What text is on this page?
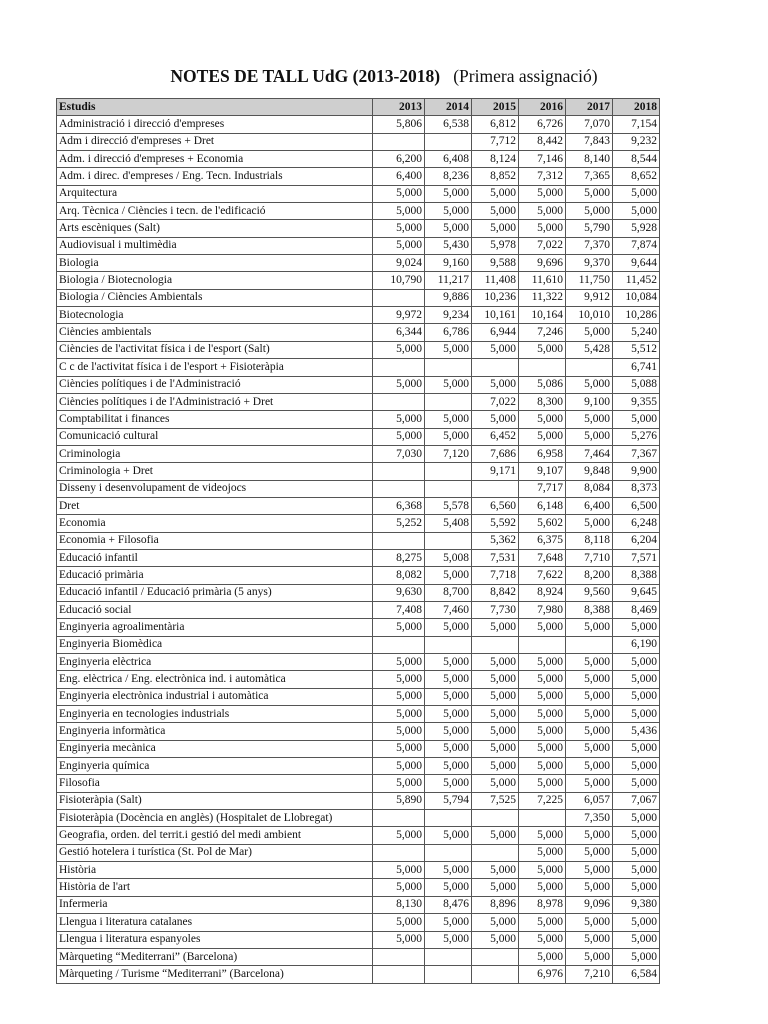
NOTES DE TALL UdG (2013-2018) (Primera assignació)
Estudis	2013	2014	2015	2016	2017	2018
Administració i direcció d'empreses	5,806	6,538	6,812	6,726	7,070	7,154
Adm i direcció d'empreses + Dret			7,712	8,442	7,843	9,232
Adm. i direcció d'empreses + Economia	6,200	6,408	8,124	7,146	8,140	8,544
Adm. i direc. d'empreses / Eng. Tecn. Industrials	6,400	8,236	8,852	7,312	7,365	8,652
Arquitectura	5,000	5,000	5,000	5,000	5,000	5,000
Arq. Tècnica / Ciències i tecn. de l'edificació	5,000	5,000	5,000	5,000	5,000	5,000
Arts escèniques (Salt)	5,000	5,000	5,000	5,000	5,790	5,928
Audiovisual i multimèdia	5,000	5,430	5,978	7,022	7,370	7,874
Biologia	9,024	9,160	9,588	9,696	9,370	9,644
Biologia / Biotecnologia	10,790	11,217	11,408	11,610	11,750	11,452
Biologia / Ciències Ambientals		9,886	10,236	11,322	9,912	10,084
Biotecnologia	9,972	9,234	10,161	10,164	10,010	10,286
Ciències ambientals	6,344	6,786	6,944	7,246	5,000	5,240
Ciències de l'activitat física i de l'esport (Salt)	5,000	5,000	5,000	5,000	5,428	5,512
C c de l'activitat física i de l'esport + Fisioteràpia						6,741
Ciències polítiques i de l'Administració	5,000	5,000	5,000	5,086	5,000	5,088
Ciències polítiques i de l'Administració + Dret			7,022	8,300	9,100	9,355
Comptabilitat i finances	5,000	5,000	5,000	5,000	5,000	5,000
Comunicació cultural	5,000	5,000	6,452	5,000	5,000	5,276
Criminologia	7,030	7,120	7,686	6,958	7,464	7,367
Criminologia + Dret			9,171	9,107	9,848	9,900
Disseny i desenvolupament de videojocs				7,717	8,084	8,373
Dret	6,368	5,578	6,560	6,148	6,400	6,500
Economia	5,252	5,408	5,592	5,602	5,000	6,248
Economia + Filosofia			5,362	6,375	8,118	6,204
Educació infantil	8,275	5,008	7,531	7,648	7,710	7,571
Educació primària	8,082	5,000	7,718	7,622	8,200	8,388
Educació infantil / Educació primària (5 anys)	9,630	8,700	8,842	8,924	9,560	9,645
Educació social	7,408	7,460	7,730	7,980	8,388	8,469
Enginyeria agroalimentària	5,000	5,000	5,000	5,000	5,000	5,000
Enginyeria Biomèdica						6,190
Enginyeria elèctrica	5,000	5,000	5,000	5,000	5,000	5,000
Eng. elèctrica / Eng. electrònica ind. i automàtica	5,000	5,000	5,000	5,000	5,000	5,000
Enginyeria electrònica industrial i automàtica	5,000	5,000	5,000	5,000	5,000	5,000
Enginyeria en tecnologies industrials	5,000	5,000	5,000	5,000	5,000	5,000
Enginyeria informàtica	5,000	5,000	5,000	5,000	5,000	5,436
Enginyeria mecànica	5,000	5,000	5,000	5,000	5,000	5,000
Enginyeria química	5,000	5,000	5,000	5,000	5,000	5,000
Filosofia	5,000	5,000	5,000	5,000	5,000	5,000
Fisioteràpia (Salt)	5,890	5,794	7,525	7,225	6,057	7,067
Fisioteràpia (Docència en anglès) (Hospitalet de Llobregat)					7,350	5,000
Geografia, orden. del territ.i gestió del medi ambient	5,000	5,000	5,000	5,000	5,000	5,000
Gestió hotelera i turística (St. Pol de Mar)				5,000	5,000	5,000
Història	5,000	5,000	5,000	5,000	5,000	5,000
Història de l'art	5,000	5,000	5,000	5,000	5,000	5,000
Infermeria	8,130	8,476	8,896	8,978	9,096	9,380
Llengua i literatura catalanes	5,000	5,000	5,000	5,000	5,000	5,000
Llengua i literatura espanyoles	5,000	5,000	5,000	5,000	5,000	5,000
Màrqueting “Mediterrani” (Barcelona)				5,000	5,000	5,000
Màrqueting / Turisme “Mediterrani” (Barcelona)				6,976	7,210	6,584
